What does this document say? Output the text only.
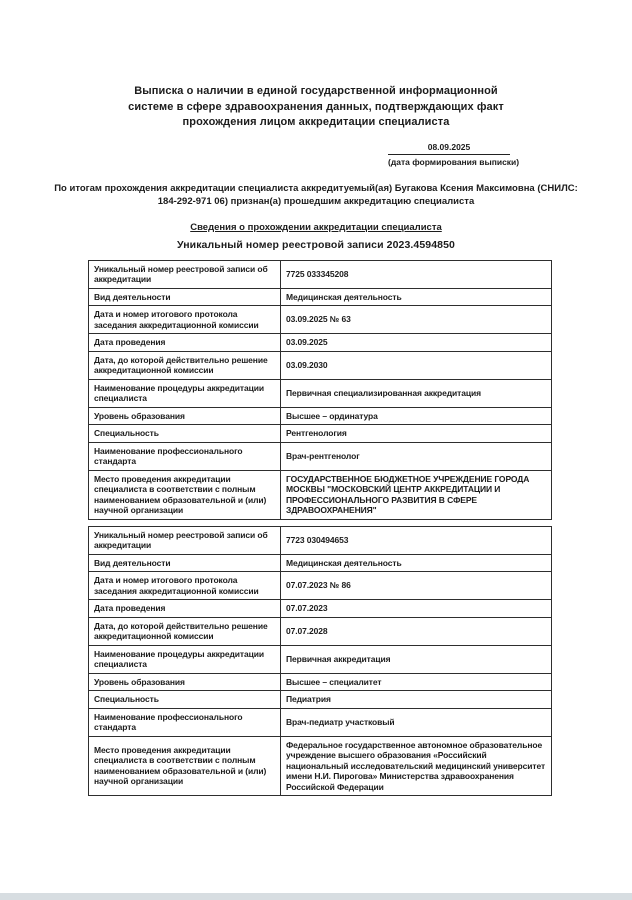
Выписка о наличии в единой государственной информационной системе в сфере здравоохранения данных, подтверждающих факт прохождения лицом аккредитации специалиста
08.09.2025
(дата формирования выписки)

По итогам прохождения аккредитации специалиста аккредитуемый(ая) Бугакова Ксения Максимовна (СНИЛС: 184-292-971 06) признан(а) прошедшим аккредитацию специалиста

Сведения о прохождении аккредитации специалиста
Уникальный номер реестровой записи 2023.4594850
Уникальный номер реестровой записи об аккредитации	7725 033345208
Вид деятельности	Медицинская деятельность
Дата и номер итогового протокола заседания аккредитационной комиссии	03.09.2025 № 63
Дата проведения	03.09.2025
Дата, до которой действительно решение аккредитационной комиссии	03.09.2030
Наименование процедуры аккредитации специалиста	Первичная специализированная аккредитация
Уровень образования	Высшее – ординатура
Специальность	Рентгенология
Наименование профессионального стандарта	Врач-рентгенолог
Место проведения аккредитации специалиста в соответствии с полным наименованием образовательной и (или) научной организации	ГОСУДАРСТВЕННОЕ БЮДЖЕТНОЕ УЧРЕЖДЕНИЕ ГОРОДА МОСКВЫ "МОСКОВСКИЙ ЦЕНТР АККРЕДИТАЦИИ И ПРОФЕССИОНАЛЬНОГО РАЗВИТИЯ В СФЕРЕ ЗДРАВООХРАНЕНИЯ"
Уникальный номер реестровой записи об аккредитации	7723 030494653
Вид деятельности	Медицинская деятельность
Дата и номер итогового протокола заседания аккредитационной комиссии	07.07.2023 № 86
Дата проведения	07.07.2023
Дата, до которой действительно решение аккредитационной комиссии	07.07.2028
Наименование процедуры аккредитации специалиста	Первичная аккредитация
Уровень образования	Высшее – специалитет
Специальность	Педиатрия
Наименование профессионального стандарта	Врач-педиатр участковый
Место проведения аккредитации специалиста в соответствии с полным наименованием образовательной и (или) научной организации	Федеральное государственное автономное образовательное учреждение высшего образования «Российский национальный исследовательский медицинский университет имени Н.И. Пирогова» Министерства здравоохранения Российской Федерации
